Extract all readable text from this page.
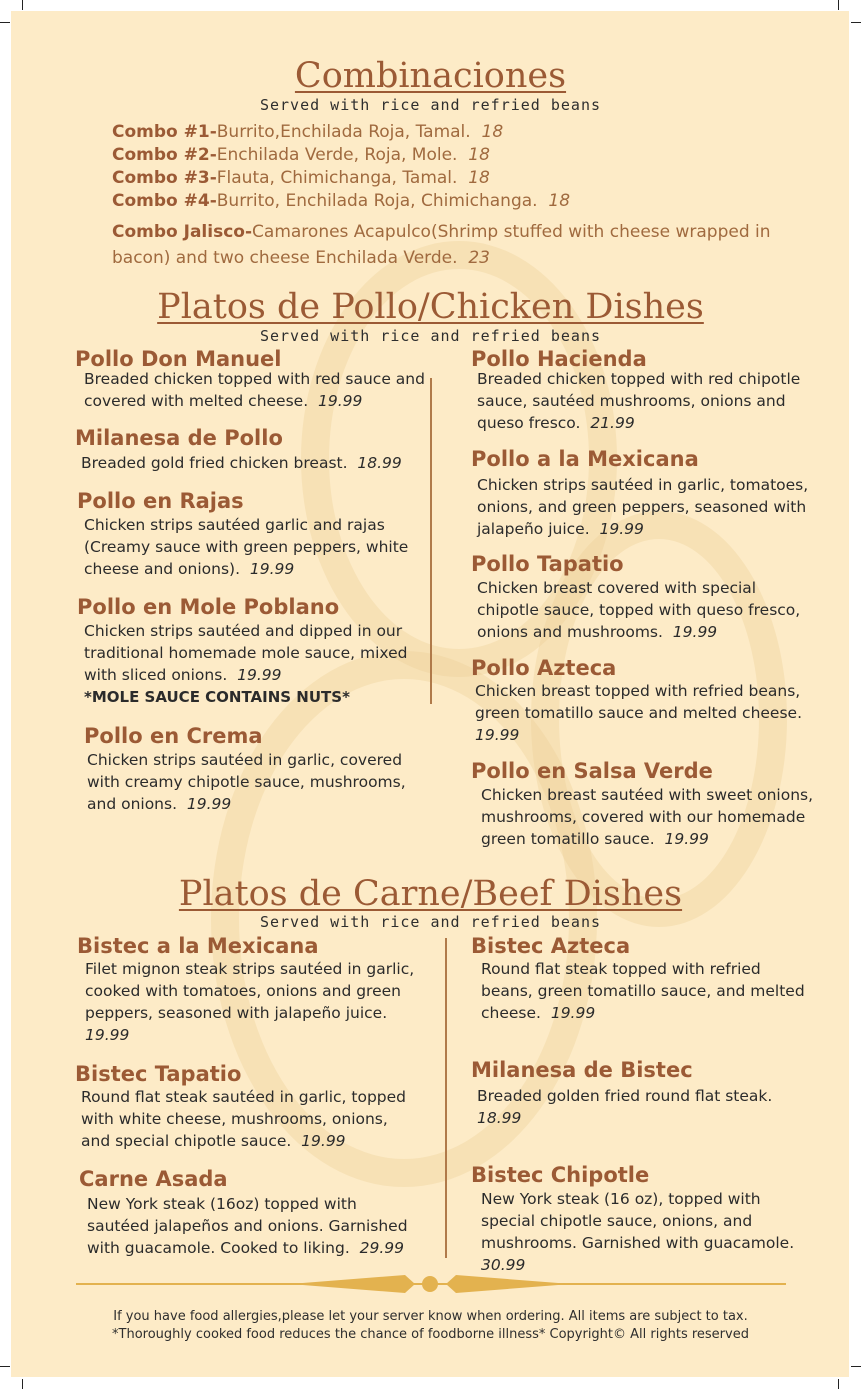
Combinaciones
Served with rice and refried beans
Combo #1-Burrito,Enchilada Roja, Tamal. 18
Combo #2-Enchilada Verde, Roja, Mole. 18
Combo #3-Flauta, Chimichanga, Tamal. 18
Combo #4-Burrito, Enchilada Roja, Chimichanga. 18
Combo Jalisco-Camarones Acapulco(Shrimp stuffed with cheese wrapped in bacon) and two cheese Enchilada Verde. 23
Platos de Pollo/Chicken Dishes
Served with rice and refried beans
Pollo Don Manuel
Breaded chicken topped with red sauce and covered with melted cheese. 19.99
Milanesa de Pollo
Breaded gold fried chicken breast. 18.99
Pollo en Rajas
Chicken strips sautéed garlic and rajas (Creamy sauce with green peppers, white cheese and onions). 19.99
Pollo en Mole Poblano
Chicken strips sautéed and dipped in our traditional homemade mole sauce, mixed with sliced onions. 19.99
*MOLE SAUCE CONTAINS NUTS*
Pollo en Crema
Chicken strips sautéed in garlic, covered with creamy chipotle sauce, mushrooms, and onions. 19.99
Pollo Hacienda
Breaded chicken topped with red chipotle sauce, sautéed mushrooms, onions and queso fresco. 21.99
Pollo a la Mexicana
Chicken strips sautéed in garlic, tomatoes, onions, and green peppers, seasoned with jalapeño juice. 19.99
Pollo Tapatio
Chicken breast covered with special chipotle sauce, topped with queso fresco, onions and mushrooms. 19.99
Pollo Azteca
Chicken breast topped with refried beans, green tomatillo sauce and melted cheese.  19.99
Pollo en Salsa Verde
Chicken breast sautéed with sweet onions, mushrooms, covered with our homemade green tomatillo sauce. 19.99
Platos de Carne/Beef Dishes
Served with rice and refried beans
Bistec a la Mexicana
Filet mignon steak strips sautéed in garlic, cooked with tomatoes, onions and green peppers, seasoned with jalapeño juice.  19.99
Bistec Tapatio
Round flat steak sautéed in garlic, topped with white cheese, mushrooms, onions, and special chipotle sauce. 19.99
Carne Asada
New York steak (16oz) topped with sautéed jalapeños and onions. Garnished with guacamole. Cooked to liking. 29.99
Bistec Azteca
Round flat steak topped with refried beans, green tomatillo sauce, and melted cheese. 19.99
Milanesa de Bistec
Breaded golden fried round flat steak.  18.99
Bistec Chipotle
New York steak (16 oz), topped with special chipotle sauce, onions, and mushrooms. Garnished with guacamole.  30.99
If you have food allergies,please let your server know when ordering. All items are subject to tax.
*Thoroughly cooked food reduces the chance of foodborne illness* Copyright© All rights reserved
